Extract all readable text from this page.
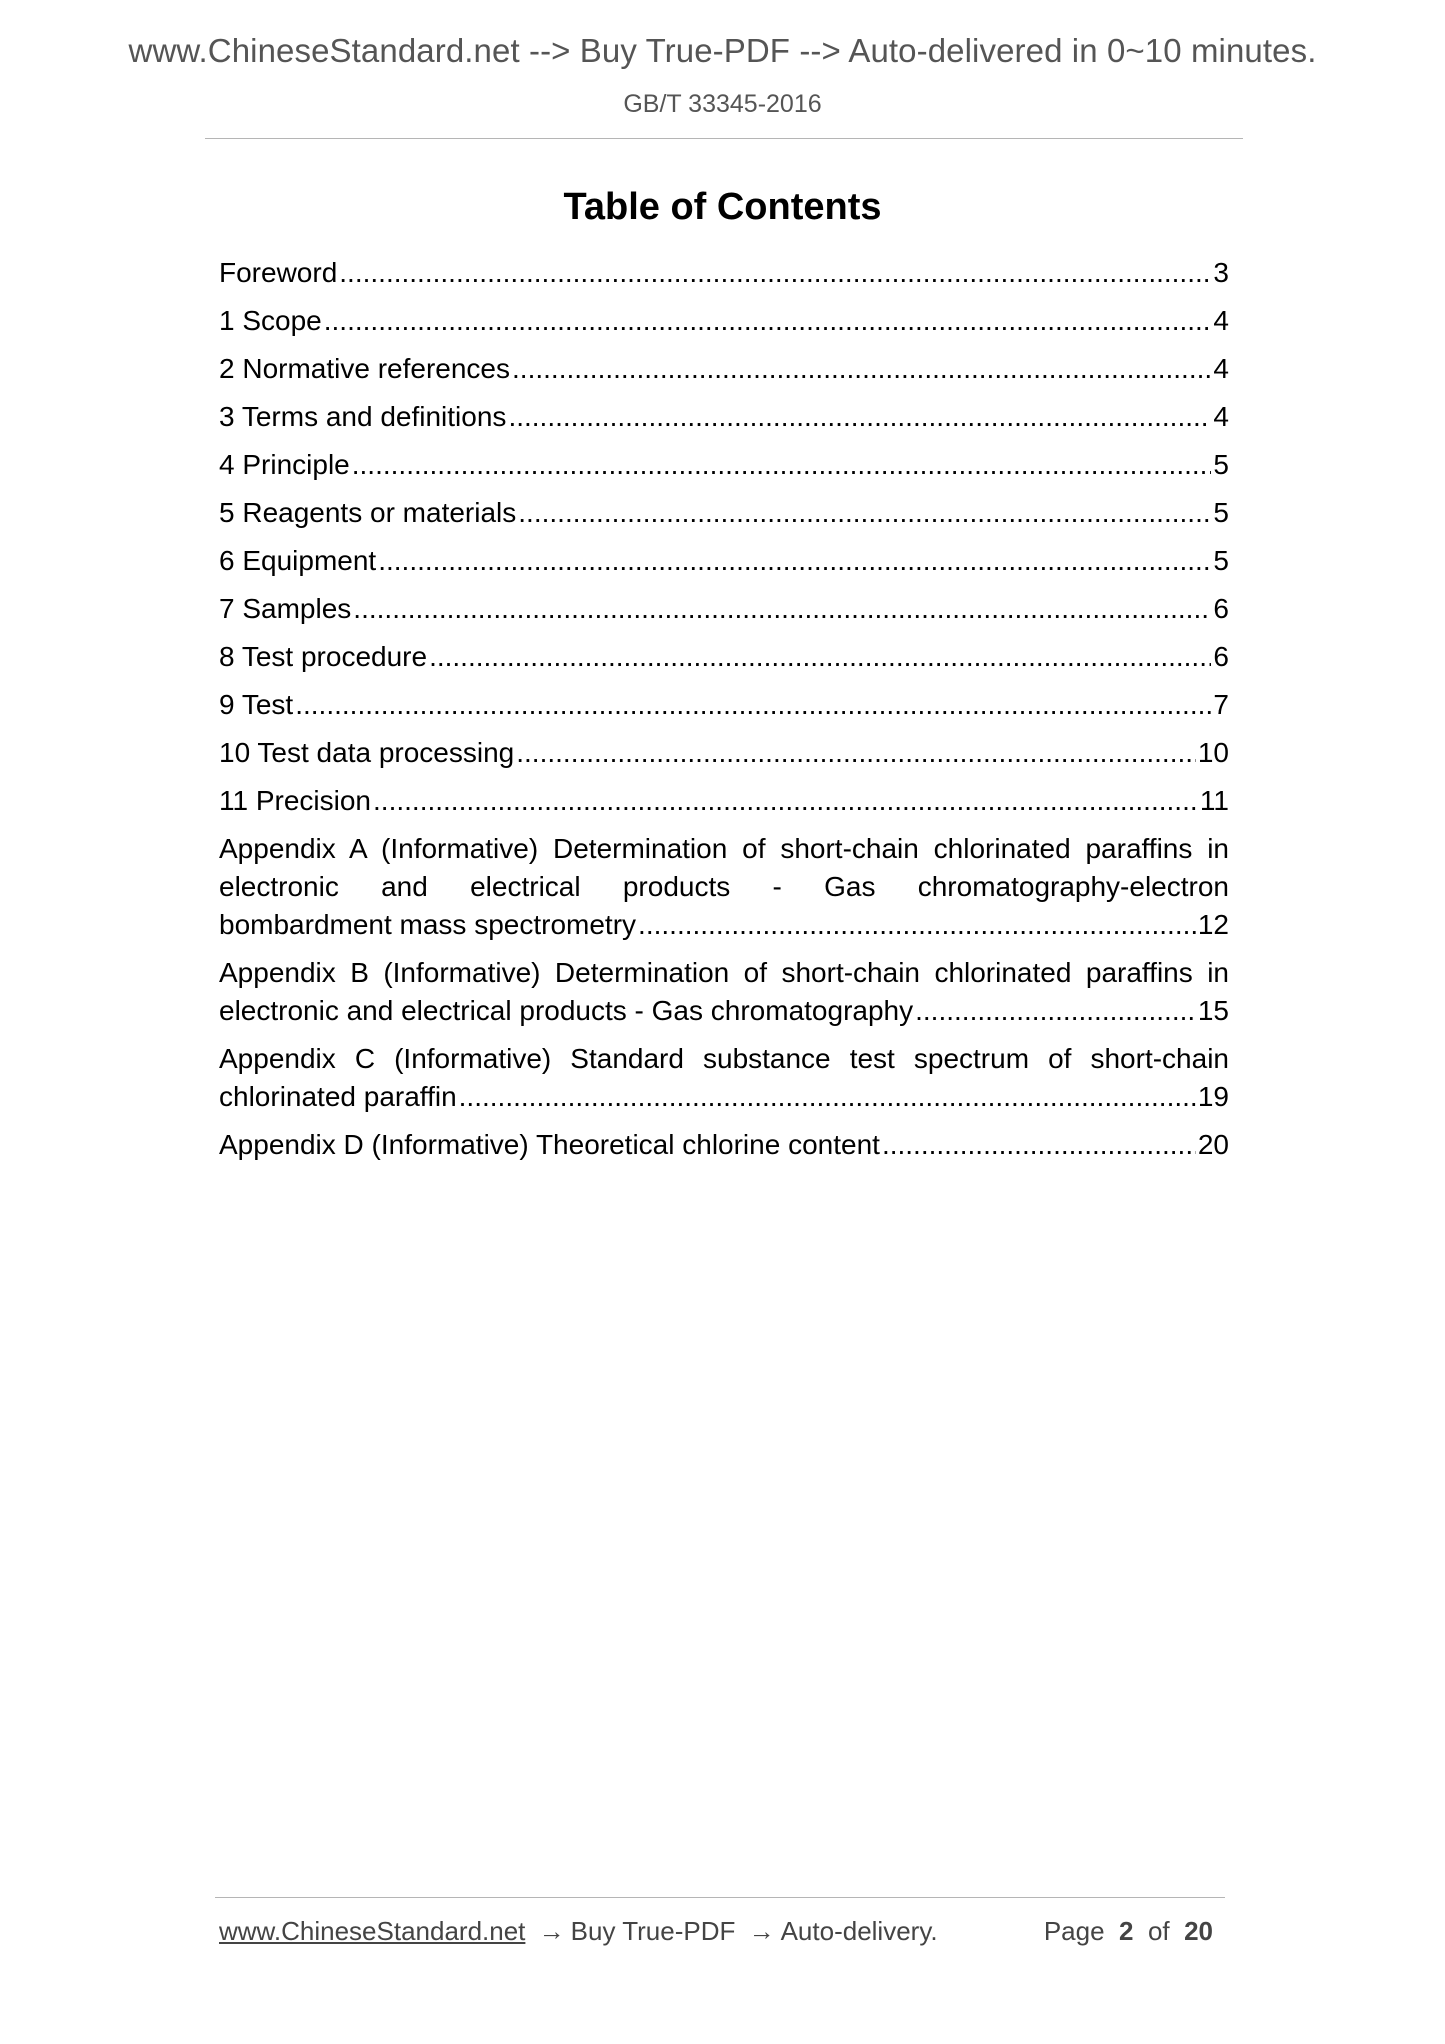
www.ChineseStandard.net --> Buy True-PDF --> Auto-delivered in 0~10 minutes.
GB/T 33345-2016
Table of Contents
Foreword .....	3
1 Scope .....	4
2 Normative references .....	4
3 Terms and definitions .....	4
4 Principle .....	5
5 Reagents or materials .....	5
6 Equipment .....	5
7 Samples .....	6
8 Test procedure .....	6
9 Test .....	7
10 Test data processing .....	10
11 Precision .....	11
Appendix A (Informative) Determination of short-chain chlorinated paraffins in
electronic and electrical products - Gas chromatography-electron
bombardment mass spectrometry .....	12
Appendix B (Informative) Determination of short-chain chlorinated paraffins in
electronic and electrical products - Gas chromatography .....	15
Appendix C (Informative) Standard substance test spectrum of short-chain
chlorinated paraffin .....	19
Appendix D (Informative) Theoretical chlorine content .....	20
www.ChineseStandard.net → Buy True-PDF → Auto-delivery.	Page 2 of 20
